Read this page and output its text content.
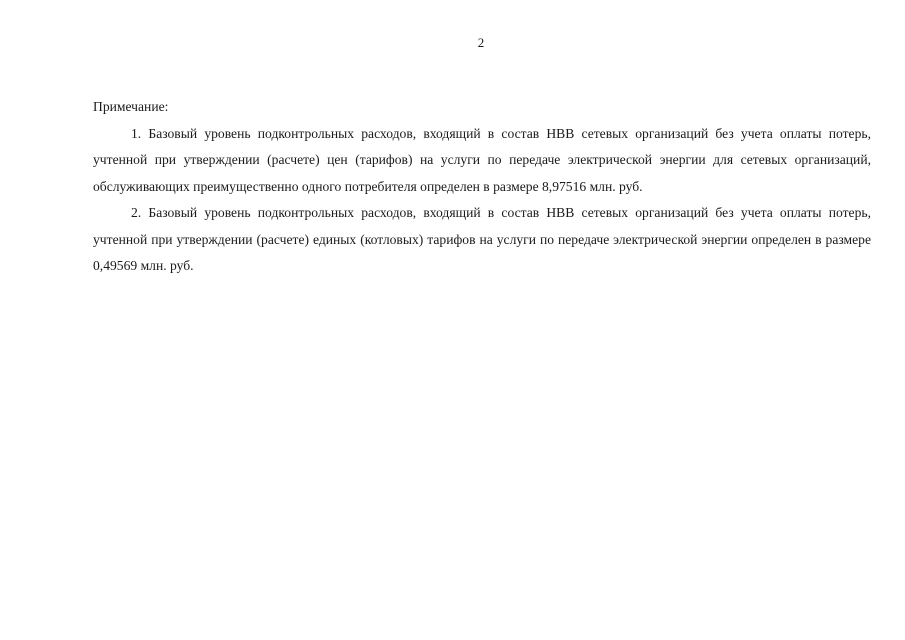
2

Примечание:

1. Базовый уровень подконтрольных расходов, входящий в состав НВВ сетевых организаций без учета оплаты потерь, учтенной при утверждении (расчете) цен (тарифов) на услуги по передаче электрической энергии для сетевых организаций, обслуживающих преимущественно одного потребителя определен в размере 8,97516 млн. руб.

2. Базовый уровень подконтрольных расходов, входящий в состав НВВ сетевых организаций без учета оплаты потерь, учтенной при утверждении (расчете) единых (котловых) тарифов на услуги по передаче электрической энергии определен в размере 0,49569 млн. руб.
